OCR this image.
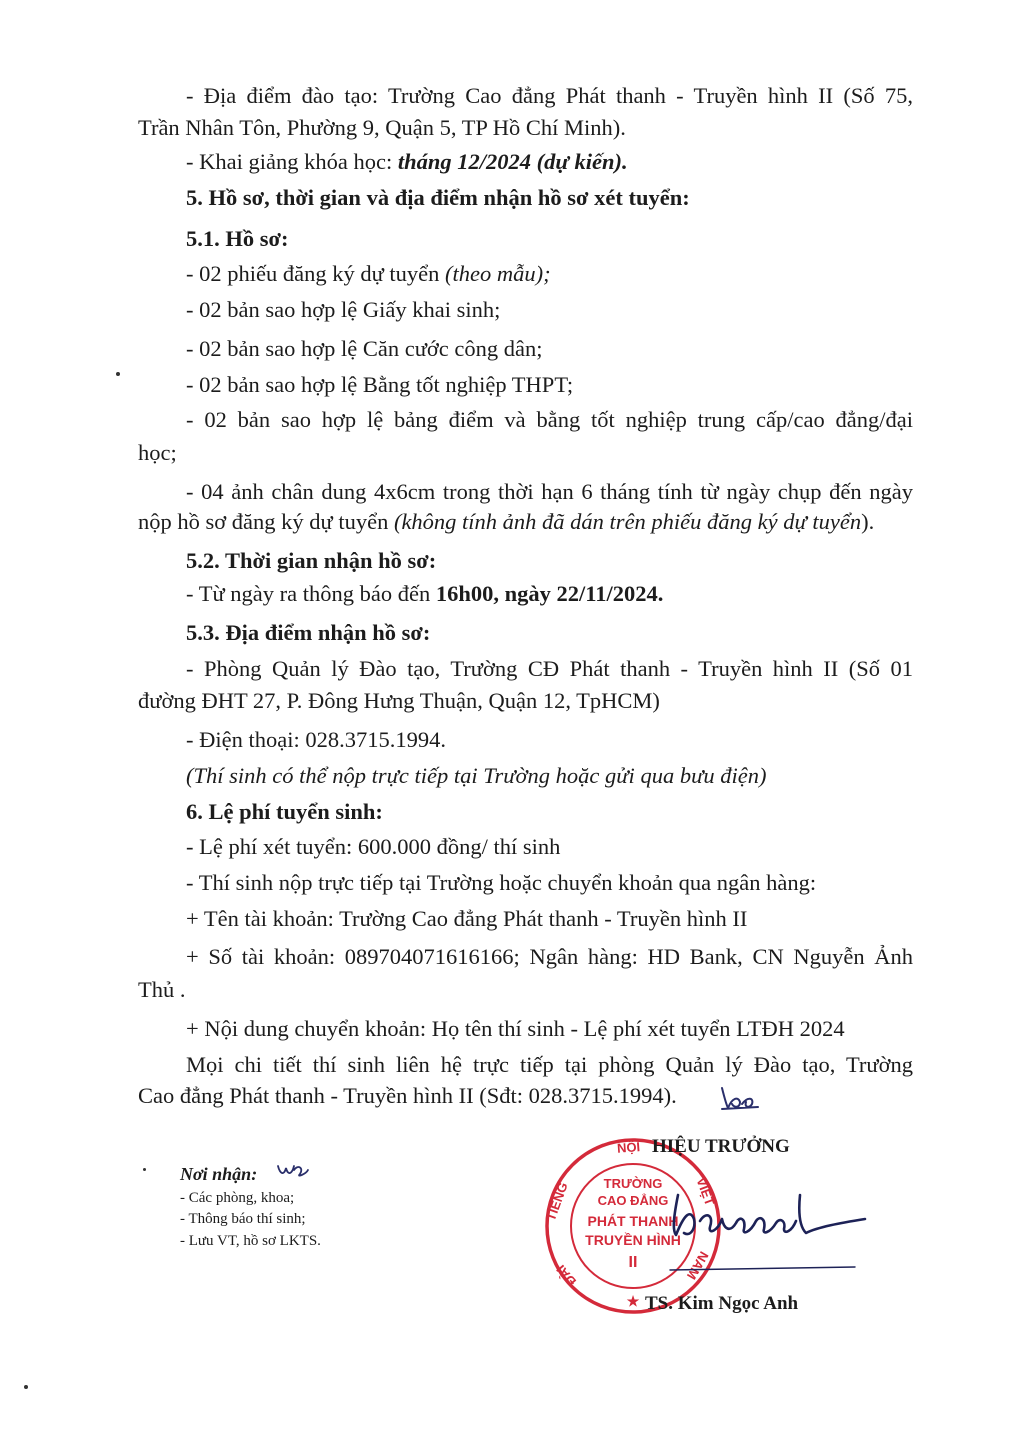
- Địa điểm đào tạo: Trường Cao đẳng Phát thanh - Truyền hình II (Số 75,
Trần Nhân Tôn, Phường 9, Quận 5, TP Hồ Chí Minh).
- Khai giảng khóa học: tháng 12/2024 (dự kiến).
5. Hồ sơ, thời gian và địa điểm nhận hồ sơ xét tuyển:
5.1. Hồ sơ:
- 02 phiếu đăng ký dự tuyển (theo mẫu);
- 02 bản sao hợp lệ Giấy khai sinh;
- 02 bản sao hợp lệ Căn cước công dân;
- 02 bản sao hợp lệ Bằng tốt nghiệp THPT;
- 02 bản sao hợp lệ bảng điểm và bằng tốt nghiệp trung cấp/cao đẳng/đại
học;
- 04 ảnh chân dung 4x6cm trong thời hạn 6 tháng tính từ ngày chụp đến ngày
nộp hồ sơ đăng ký dự tuyển (không tính ảnh đã dán trên phiếu đăng ký dự tuyển).
5.2. Thời gian nhận hồ sơ:
- Từ ngày ra thông báo đến 16h00, ngày 22/11/2024.
5.3. Địa điểm nhận hồ sơ:
- Phòng Quản lý Đào tạo, Trường CĐ Phát thanh - Truyền hình II (Số 01
đường ĐHT 27, P. Đông Hưng Thuận, Quận 12, TpHCM)
- Điện thoại: 028.3715.1994.
(Thí sinh có thể nộp trực tiếp tại Trường hoặc gửi qua bưu điện)
6. Lệ phí tuyển sinh:
- Lệ phí xét tuyển: 600.000 đồng/ thí sinh
- Thí sinh nộp trực tiếp tại Trường hoặc chuyển khoản qua ngân hàng:
+ Tên tài khoản: Trường Cao đẳng Phát thanh - Truyền hình II
+ Số tài khoản: 089704071616166; Ngân hàng: HD Bank, CN Nguyễn Ảnh
Thủ .
+ Nội dung chuyển khoản: Họ tên thí sinh - Lệ phí xét tuyển LTĐH 2024
Mọi chi tiết thí sinh liên hệ trực tiếp tại phòng Quản lý Đào tạo, Trường
Cao đẳng Phát thanh - Truyền hình II (Sđt: 028.3715.1994).
Nơi nhận:
- Các phòng, khoa;
- Thông báo thí sinh;
- Lưu VT, hồ sơ LKTS.
★
NỘI
TIẾNG	VIỆT
ĐÀI	NAM
TRƯỜNG
CAO ĐẲNG
PHÁT THANH
TRUYỀN HÌNH
II
HIỆU TRƯỞNG
TS. Kim Ngọc Anh
